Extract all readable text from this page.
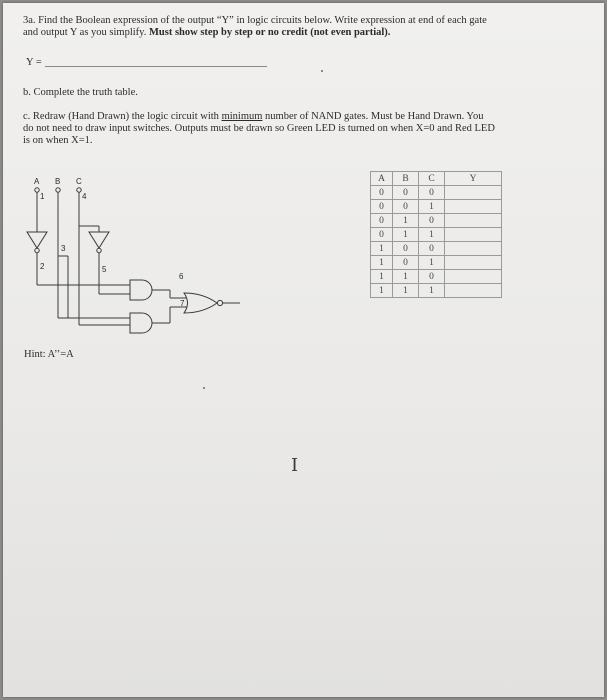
3a. Find the Boolean expression of the output “Y” in logic circuits below. Write expression at end of each gate
and output Y as you simplify. Must show step by step or no credit (not even partial).
Y =
b. Complete the truth table.
c. Redraw (Hand Drawn) the logic circuit with minimum number of NAND gates. Must be Hand Drawn. You
do not need to draw input switches. Outputs must be drawn so Green LED is turned on when X=0 and Red LED
is on when X=1.
A B C
1
2
3
4
5
6
7
Hint: A’’=A
A	B	C	Y
0	0	0	
0	0	1	
0	1	0	
0	1	1	
1	0	0	
1	0	1	
1	1	0	
1	1	1	
I
